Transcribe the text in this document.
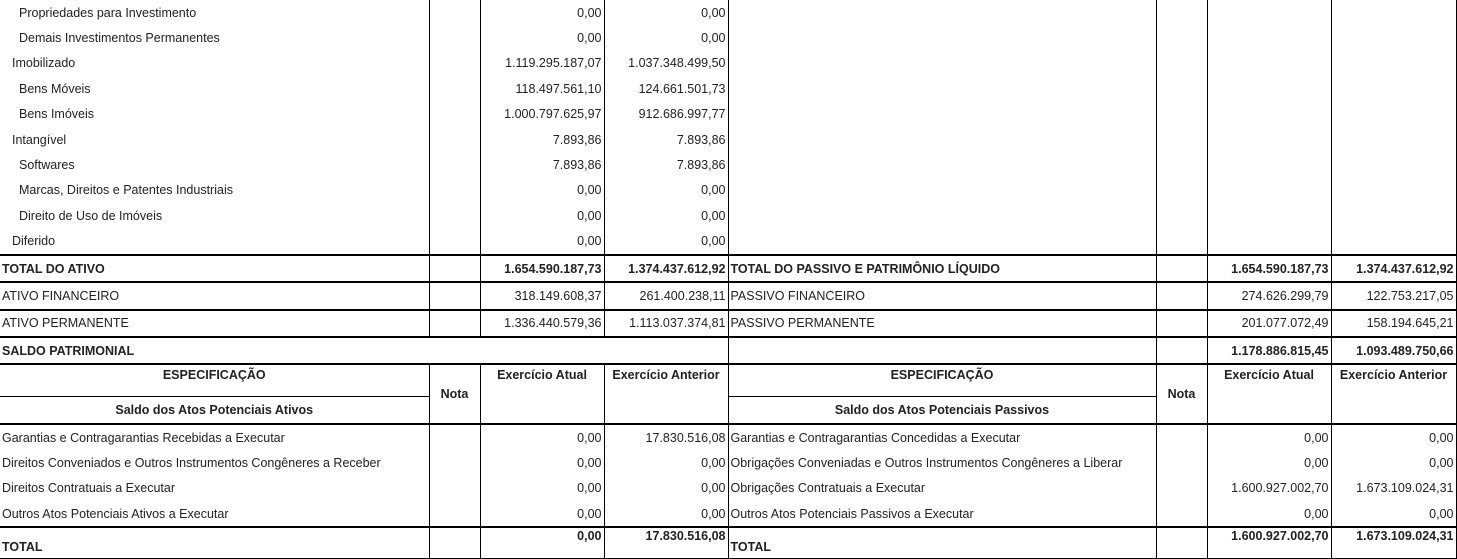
Propriedades para Investimento		0,00	0,00				
Demais Investimentos Permanentes		0,00	0,00				
Imobilizado		1.119.295.187,07	1.037.348.499,50				
Bens Móveis		118.497.561,10	124.661.501,73				
Bens Imóveis		1.000.797.625,97	912.686.997,77				
Intangível		7.893,86	7.893,86				
Softwares		7.893,86	7.893,86				
Marcas, Direitos e Patentes Industriais		0,00	0,00				
Direito de Uso de Imóveis		0,00	0,00				
Diferido		0,00	0,00				
TOTAL DO ATIVO		1.654.590.187,73	1.374.437.612,92	TOTAL DO PASSIVO E PATRIMÔNIO LÍQUIDO		1.654.590.187,73	1.374.437.612,92
ATIVO FINANCEIRO		318.149.608,37	261.400.238,11	PASSIVO FINANCEIRO		274.626.299,79	122.753.217,05
ATIVO PERMANENTE		1.336.440.579,36	1.113.037.374,81	PASSIVO PERMANENTE		201.077.072,49	158.194.645,21
SALDO PATRIMONIAL						1.178.886.815,45	1.093.489.750,66
ESPECIFICAÇÃO	Nota	Exercício Atual	Exercício Anterior	ESPECIFICAÇÃO	Nota	Exercício Atual	Exercício Anterior
Saldo dos Atos Potenciais Ativos				Saldo dos Atos Potenciais Passivos			
Garantias e Contragarantias Recebidas a Executar		0,00	17.830.516,08	Garantias e Contragarantias Concedidas a Executar		0,00	0,00
Direitos Conveniados e Outros Instrumentos Congêneres a Receber		0,00	0,00	Obrigações Conveniadas e Outros Instrumentos Congêneres a Liberar		0,00	0,00
Direitos Contratuais a Executar		0,00	0,00	Obrigações Contratuais a Executar		1.600.927.002,70	1.673.109.024,31
Outros Atos Potenciais Ativos a Executar		0,00	0,00	Outros Atos Potenciais Passivos a Executar		0,00	0,00
TOTAL		0,00	17.830.516,08	TOTAL		1.600.927.002,70	1.673.109.024,31
